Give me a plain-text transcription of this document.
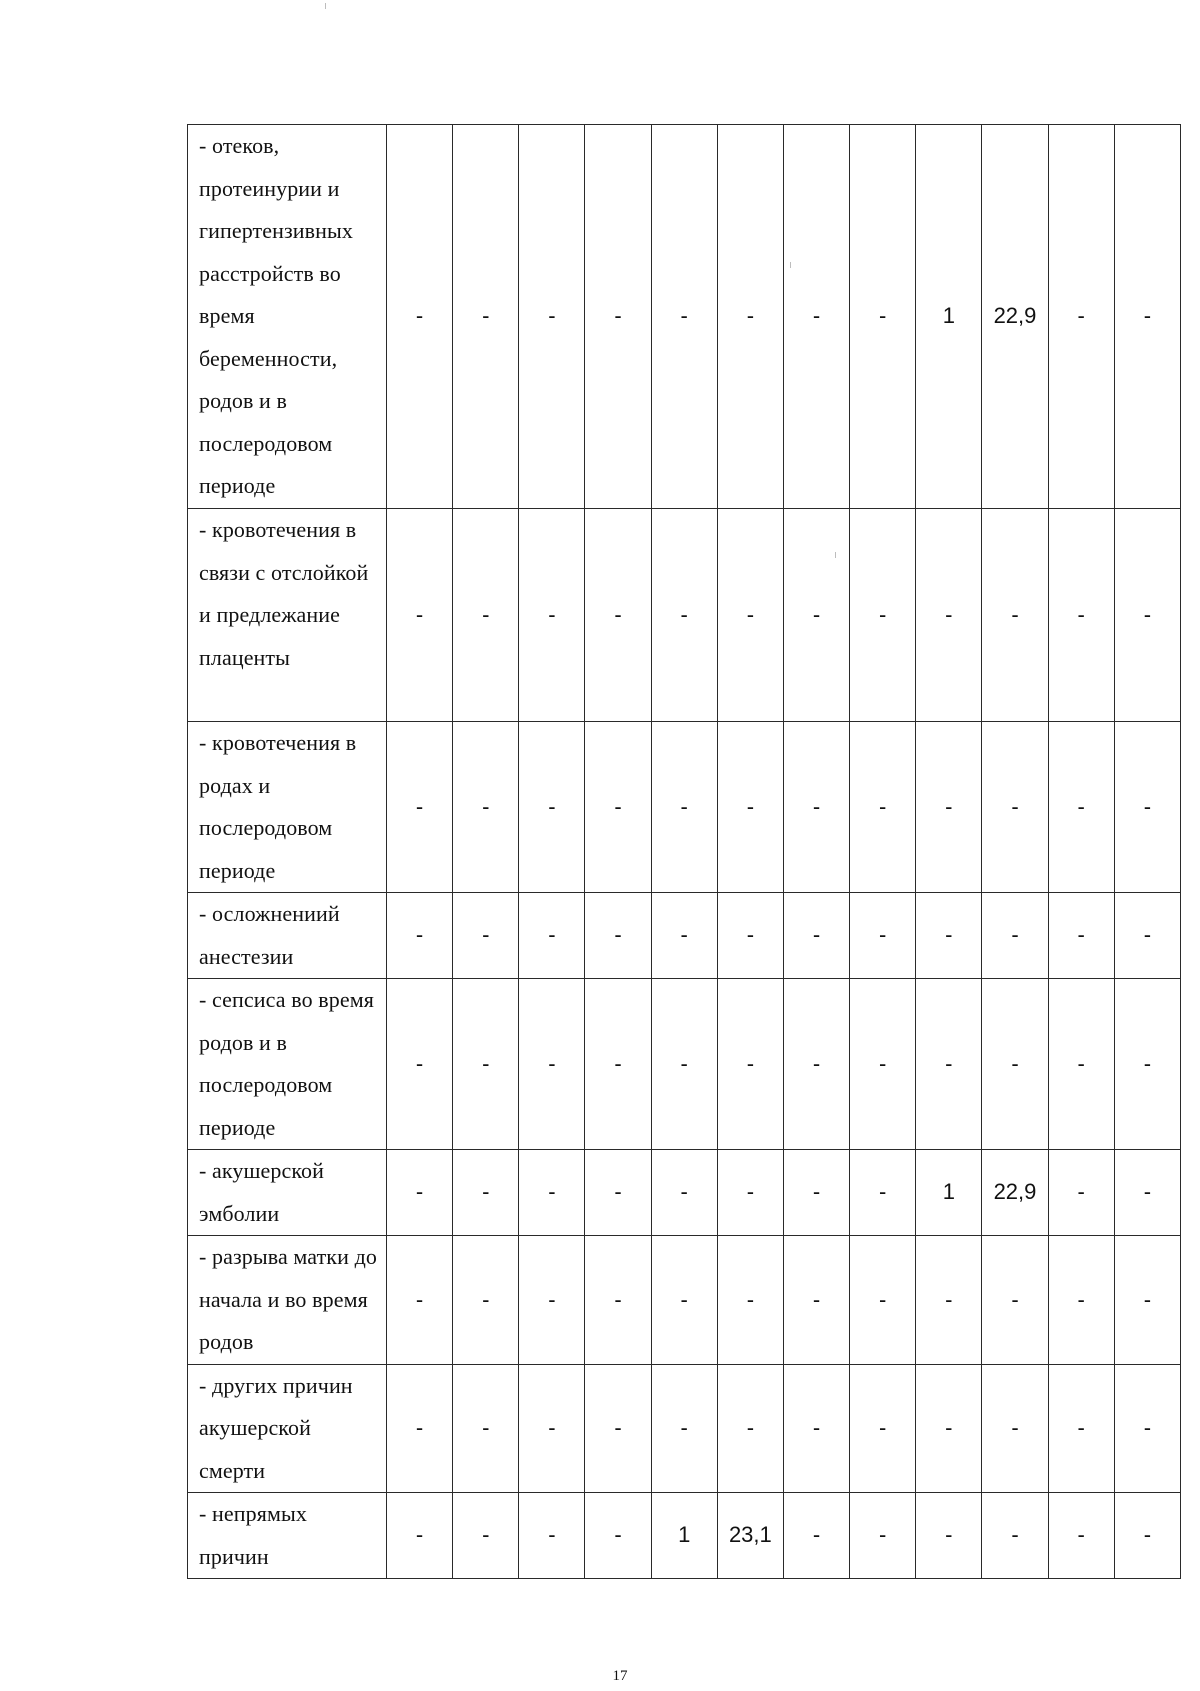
- отеков, протеинурии и гипертензивных расстройств во время беременности, родов и в послеродовом периоде	-	-	-	-	-	-	-	-	1	22,9	-	-
- кровотечения в связи с отслойкой и предлежание плаценты	-	-	-	-	-	-	-	-	-	-	-	-
- кровотечения в родах и послеродовом периоде	-	-	-	-	-	-	-	-	-	-	-	-
- осложнениий анестезии	-	-	-	-	-	-	-	-	-	-	-	-
- сепсиса во время родов и в послеродовом периоде	-	-	-	-	-	-	-	-	-	-	-	-
- акушерской эмболии	-	-	-	-	-	-	-	-	1	22,9	-	-
- разрыва матки до начала и во время родов	-	-	-	-	-	-	-	-	-	-	-	-
- других причин акушерской смерти	-	-	-	-	-	-	-	-	-	-	-	-
- непрямых причин	-	-	-	-	1	23,1	-	-	-	-	-	-
17
